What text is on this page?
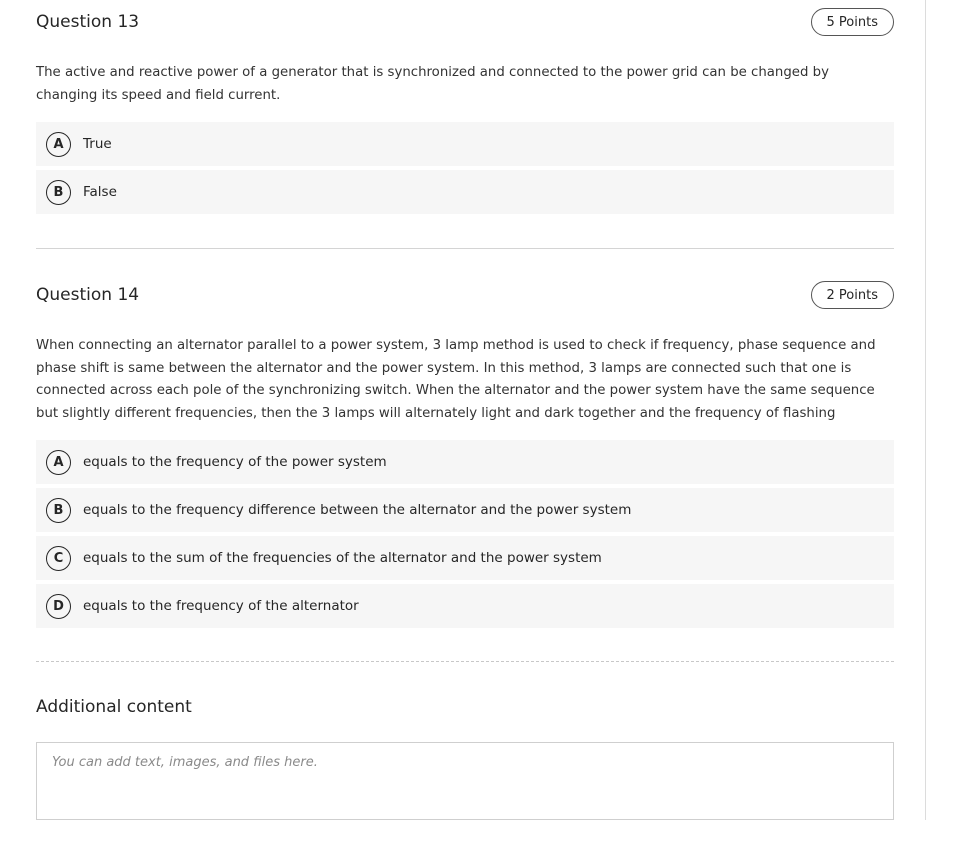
Question 13	5 Points

The active and reactive power of a generator that is synchronized and connected to the power grid can be changed by changing its speed and field current.

A	True
B	False
Question 14	2 Points

When connecting an alternator parallel to a power system, 3 lamp method is used to check if frequency, phase sequence and phase shift is same between the alternator and the power system. In this method, 3 lamps are connected such that one is connected across each pole of the synchronizing switch. When the alternator and the power system have the same sequence but slightly different frequencies, then the 3 lamps will alternately light and dark together and the frequency of flashing

A	equals to the frequency of the power system
B	equals to the frequency difference between the alternator and the power system
C	equals to the sum of the frequencies of the alternator and the power system
D	equals to the frequency of the alternator
Additional content
You can add text, images, and files here.
